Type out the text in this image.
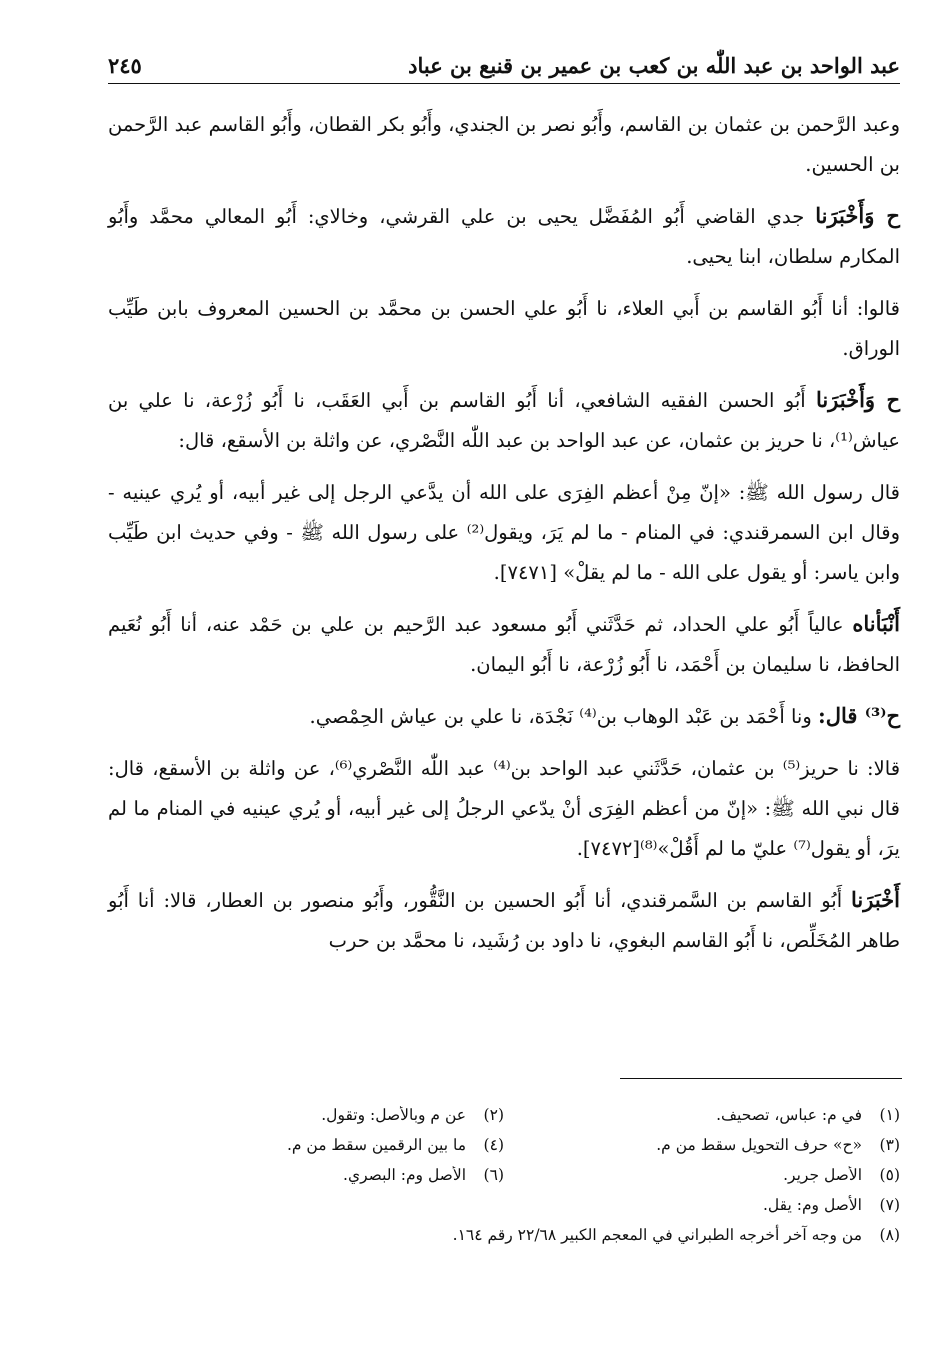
عبد الواحد بن عبد اللّٰه بن كعب بن عمير بن قنبع بن عباد
٢٤٥

وعبد الرَّحمن بن عثمان بن القاسم، وأَبُو نصر بن الجندي، وأَبُو بكر القطان، وأَبُو القاسم عبد الرَّحمن بن الحسين.

ح وَأَخْبَرَنا جدي القاضي أَبُو المُفَضَّل يحيى بن علي القرشي، وخالاي: أَبُو المعالي محمَّد وأَبُو المكارم سلطان، ابنا يحيى.

قالوا: أنا أَبُو القاسم بن أَبي العلاء، نا أَبُو علي الحسن بن محمَّد بن الحسين المعروف بابن طَيِّب الوراق.

ح وَأَخْبَرَنا أَبُو الحسن الفقيه الشافعي، أنا أَبُو القاسم بن أَبي العَقَب، نا أَبُو زُرْعة، نا علي بن عياش⁽¹⁾، نا حريز بن عثمان، عن عبد الواحد بن عبد اللّٰه النَّصْري، عن واثلة بن الأسقع، قال:

قال رسول الله ﷺ: «إنّ مِنْ أعظم الفِرَى على الله أن يدَّعي الرجل إلى غير أبيه، أو يُري عينيه - وقال ابن السمرقندي: في المنام - ما لم يَرَ، ويقول⁽²⁾ على رسول الله ﷺ - وفي حديث ابن طَيِّب وابن ياسر: أو يقول على الله - ما لم يقلْ» [٧٤٧١].

أَنْبَأناه عالياً أَبُو علي الحداد، ثم حَدَّثَني أَبُو مسعود عبد الرَّحيم بن علي بن حَمْد عنه، أنا أَبُو نُعَيم الحافظ، نا سليمان بن أَحْمَد، نا أَبُو زُرْعة، نا أَبُو اليمان.

ح⁽³⁾ قال: ونا أَحْمَد بن عَبْد الوهاب بن⁽⁴⁾ نَجْدَة، نا علي بن عياش الحِمْصي.

قالا: نا حريز⁽⁵⁾ بن عثمان، حَدَّثَني عبد الواحد بن⁽⁴⁾ عبد اللّٰه النَّصْري⁽⁶⁾، عن واثلة بن الأسقع، قال: قال نبي الله ﷺ: «إنّ من أعظم الفِرَى أنْ يدّعي الرجلُ إلى غير أبيه، أو يُري عينيه في المنام ما لم يرَ، أو يقول⁽⁷⁾ عليّ ما لم أَقُلْ»⁽⁸⁾[٧٤٧٢].

أَخْبَرَنا أَبُو القاسم بن السَّمرقندي، أنا أَبُو الحسين بن النَّقُّور، وأَبُو منصور بن العطار، قالا: أنا أَبُو طاهر المُخَلِّص، نا أَبُو القاسم البغوي، نا داود بن رُشَيد، نا محمَّد بن حرب

(١)في م: عباس، تصحيف.
(٢)عن م وبالأصل: وتقول.
(٣)«ح» حرف التحويل سقط من م.
(٤)ما بين الرقمين سقط من م.
(٥)الأصل جرير.
(٦)الأصل وم: البصري.
(٧)الأصل وم: يقل.
(٨)من وجه آخر أخرجه الطبراني في المعجم الكبير ٢٢/٦٨ رقم ١٦٤.
